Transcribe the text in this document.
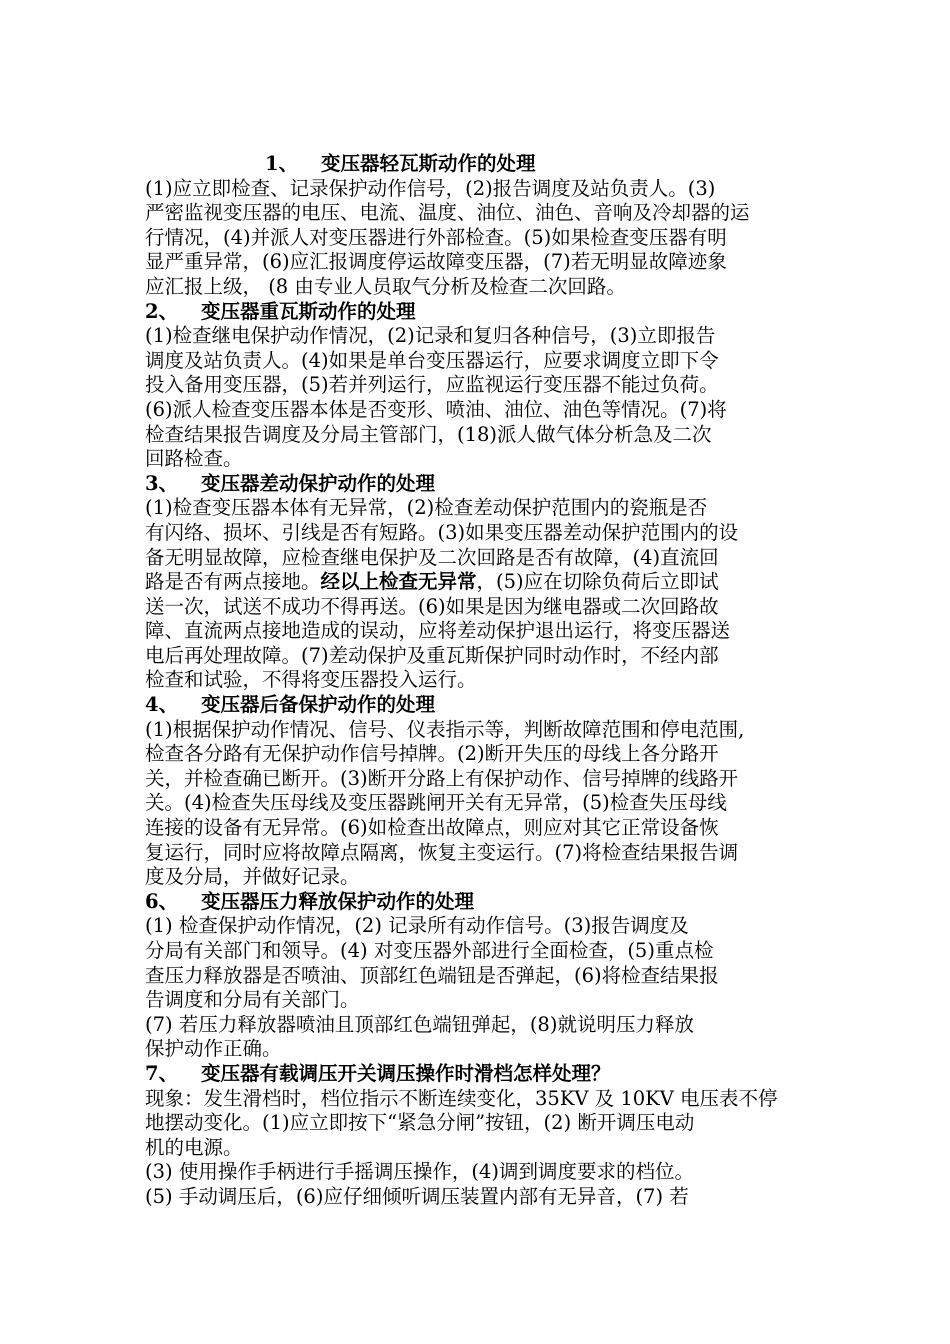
1、 变压器轻瓦斯动作的处理
(1)应立即检查、记录保护动作信号，(2)报告调度及站负责人。(3)
严密监视变压器的电压、电流、温度、油位、油色、音响及冷却器的运
行情况，(4)并派人对变压器进行外部检查。(5)如果检查变压器有明
显严重异常，(6)应汇报调度停运故障变压器，(7)若无明显故障迹象
应汇报上级， (8 由专业人员取气分析及检查二次回路。
2、 变压器重瓦斯动作的处理
(1)检查继电保护动作情况，(2)记录和复归各种信号，(3)立即报告
调度及站负责人。(4)如果是单台变压器运行，应要求调度立即下令
投入备用变压器，(5)若并列运行，应监视运行变压器不能过负荷。
(6)派人检查变压器本体是否变形、喷油、油位、油色等情况。(7)将
检查结果报告调度及分局主管部门，(18)派人做气体分析急及二次
回路检查。
3、 变压器差动保护动作的处理
(1)检查变压器本体有无异常，(2)检查差动保护范围内的瓷瓶是否
有闪络、损坏、引线是否有短路。(3)如果变压器差动保护范围内的设
备无明显故障，应检查继电保护及二次回路是否有故障，(4)直流回
路是否有两点接地。经以上检查无异常，(5)应在切除负荷后立即试
送一次，试送不成功不得再送。(6)如果是因为继电器或二次回路故
障、直流两点接地造成的误动，应将差动保护退出运行，将变压器送
电后再处理故障。(7)差动保护及重瓦斯保护同时动作时，不经内部
检查和试验，不得将变压器投入运行。
4、 变压器后备保护动作的处理
(1)根据保护动作情况、信号、仪表指示等，判断故障范围和停电范围,
检查各分路有无保护动作信号掉牌。(2)断开失压的母线上各分路开
关，并检查确已断开。(3)断开分路上有保护动作、信号掉牌的线路开
关。(4)检查失压母线及变压器跳闸开关有无异常，(5)检查失压母线
连接的设备有无异常。(6)如检查出故障点，则应对其它正常设备恢
复运行，同时应将故障点隔离，恢复主变运行。(7)将检查结果报告调
度及分局，并做好记录。
6、 变压器压力释放保护动作的处理
(1) 检查保护动作情况，(2) 记录所有动作信号。(3)报告调度及
分局有关部门和领导。(4) 对变压器外部进行全面检查，(5)重点检
查压力释放器是否喷油、顶部红色端钮是否弹起，(6)将检查结果报
告调度和分局有关部门。
(7) 若压力释放器喷油且顶部红色端钮弹起，(8)就说明压力释放
保护动作正确。
7、 变压器有载调压开关调压操作时滑档怎样处理？
现象：发生滑档时，档位指示不断连续变化，35KV 及 10KV 电压表不停
地摆动变化。(1)应立即按下“紧急分闸”按钮，(2) 断开调压电动
机的电源。
(3) 使用操作手柄进行手摇调压操作，(4)调到调度要求的档位。
(5) 手动调压后，(6)应仔细倾听调压装置内部有无异音，(7) 若
